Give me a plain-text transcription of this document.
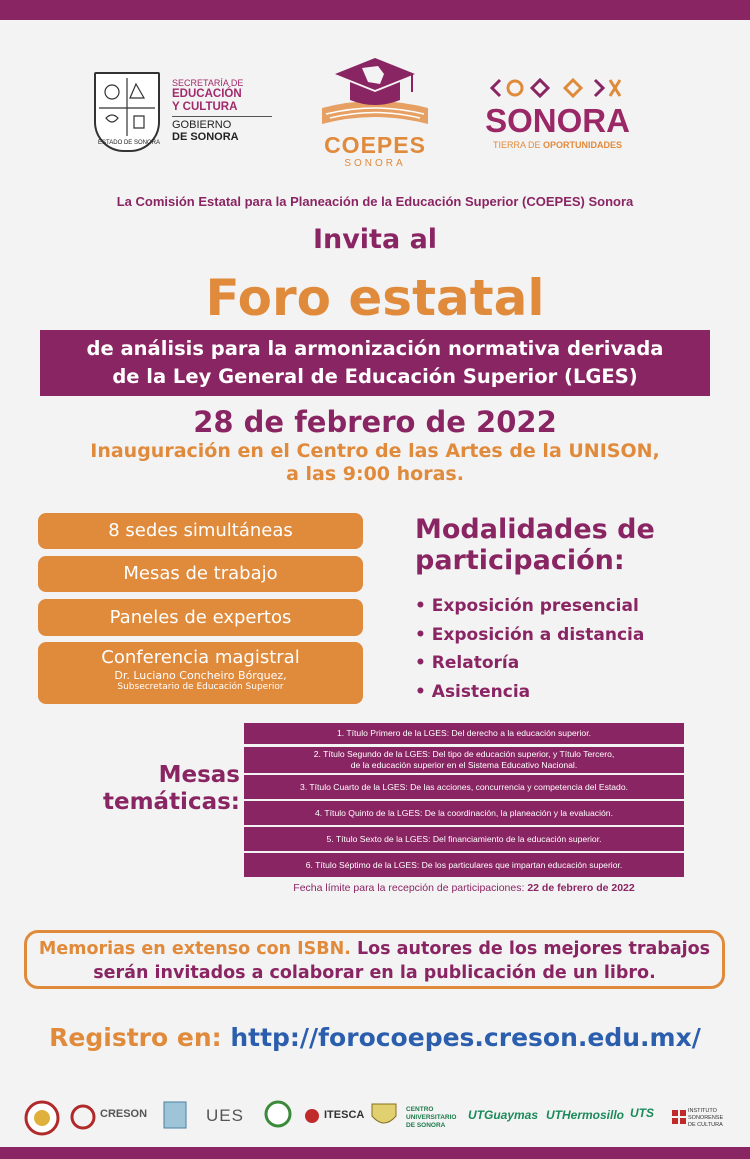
ESTADO DE SONORA
SECRETARÍA DE
EDUCACIÓN
Y CULTURA
GOBIERNO
DE SONORA	COEPES
SONORA
SONORA
TIERRA DE OPORTUNIDADES
La Comisión Estatal para la Planeación de la Educación Superior (COEPES) Sonora
Invita al
Foro estatal
de análisis para la armonización normativa derivada
de la Ley General de Educación Superior (LGES)
28 de febrero de 2022
Inauguración en el Centro de las Artes de la UNISON,
a las 9:00 horas.
8 sedes simultáneas
Mesas de trabajo
Paneles de expertos
Conferencia magistral
Dr. Luciano Concheiro Bórquez,
Subsecretario de Educación Superior
Modalidades de
participación:
• Exposición presencial
• Exposición a distancia
• Relatoría
• Asistencia
Mesas
temáticas:
1. Título Primero de la LGES: Del derecho a la educación superior.
2. Título Segundo de la LGES: Del tipo de educación superior, y Título Tercero,
de la educación superior en el Sistema Educativo Nacional.
3. Título Cuarto de la LGES: De las acciones, concurrencia y competencia del Estado.
4. Título Quinto de la LGES: De la coordinación, la planeación y la evaluación.
5. Título Sexto de la LGES: Del financiamiento de la educación superior.
6. Título Séptimo de la LGES: De los particulares que impartan educación superior.
Fecha límite para la recepción de participaciones: 22 de febrero de 2022
Memorias en extenso con ISBN. Los autores de los mejores trabajos
serán invitados a colaborar en la publicación de un libro.
Registro en: http://forocoepes.creson.edu.mx/
CRESON	UES	ITESCA	CENTRO UNIVERSITARIO DE SONORA
UTGuaymas UTHermosillo UTS	INSTITUTO SONORENSE DE CULTURA
